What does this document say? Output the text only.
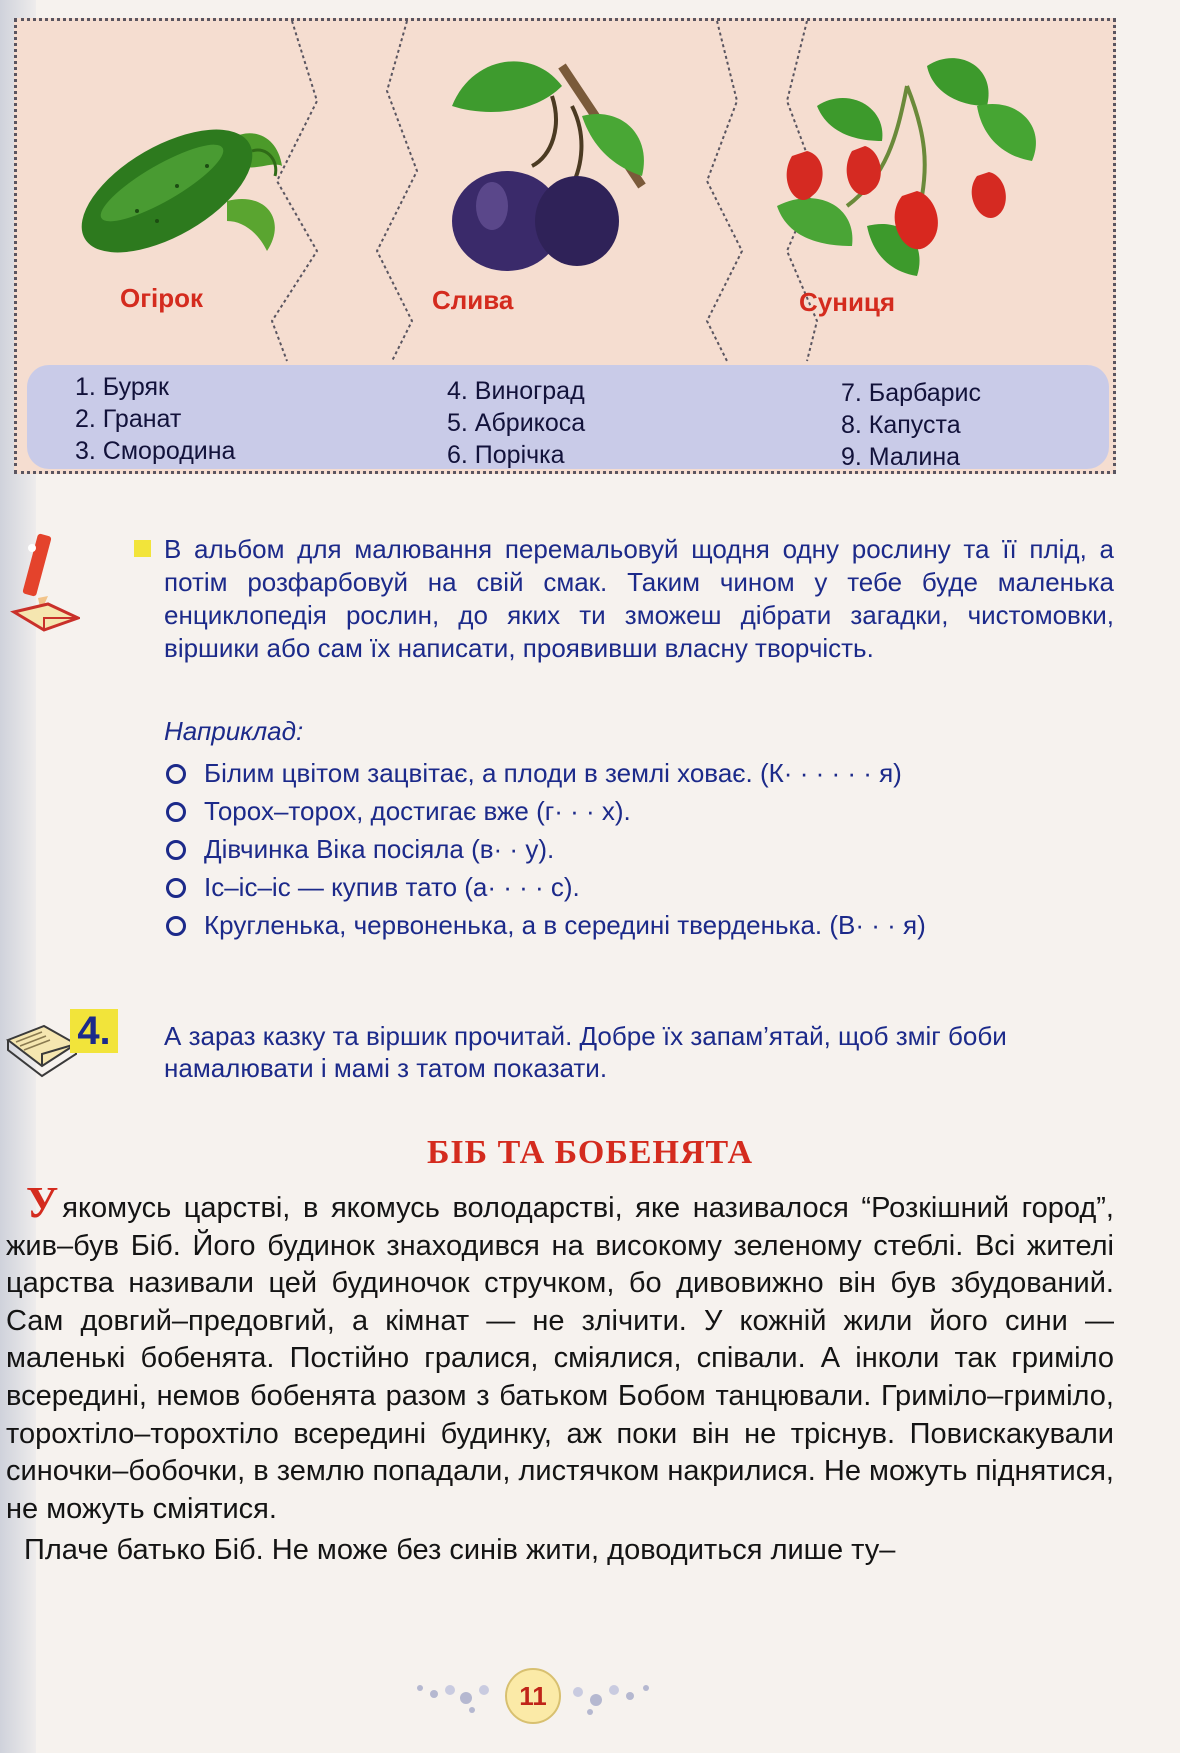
Огірок	Слива	Суниця
1. Буряк
2. Гранат
3. Смородина
4. Виноград
5. Абрикоса
6. Порічка
7. Барбарис
8. Капуста
9. Малина
В альбом для малювання перемальовуй щодня одну рослину та її плід, а потім розфарбовуй на свій смак. Таким чином у тебе буде маленька енциклопедія рослин, до яких ти зможеш дібрати загадки, чистомовки, віршики або сам їх написати, проявивши власну творчість.
Наприклад:
Білим цвітом зацвітає, а плоди в землі ховає. (К· · · · · · я)
Торох–торох, достигає вже (г· · · х).
Дівчинка Віка посіяла (в· · у).
Іс–іс–іс — купив тато (а· · · · с).
Кругленька, червоненька, а в середині тверденька. (В· · · я)
4. А зараз казку та віршик прочитай. Добре їх запам’ятай, щоб зміг боби намалювати і мамі з татом показати.
БІБ ТА БОБЕНЯТА

Уякомусь царстві, в якомусь володарстві, яке називалося “Розкішний город”, жив–був Біб. Його будинок знаходився на високому зеленому стеблі. Всі жителі царства називали цей будиночок стручком, бо дивовижно він був збудований. Сам довгий–предовгий, а кімнат — не злічити. У кожній жили його сини — маленькі бобенята. Постійно гралися, сміялися, співали. А інколи так гриміло всередині, немов бобенята разом з батьком Бобом танцювали. Гриміло–гриміло, торохтіло–торохтіло всередині будинку, аж поки він не тріснув. Повискакували синочки–бобочки, в землю попадали, листячком накрилися. Не можуть піднятися, не можуть сміятися.

Плаче батько Біб. Не може без синів жити, доводиться лише ту–

11
